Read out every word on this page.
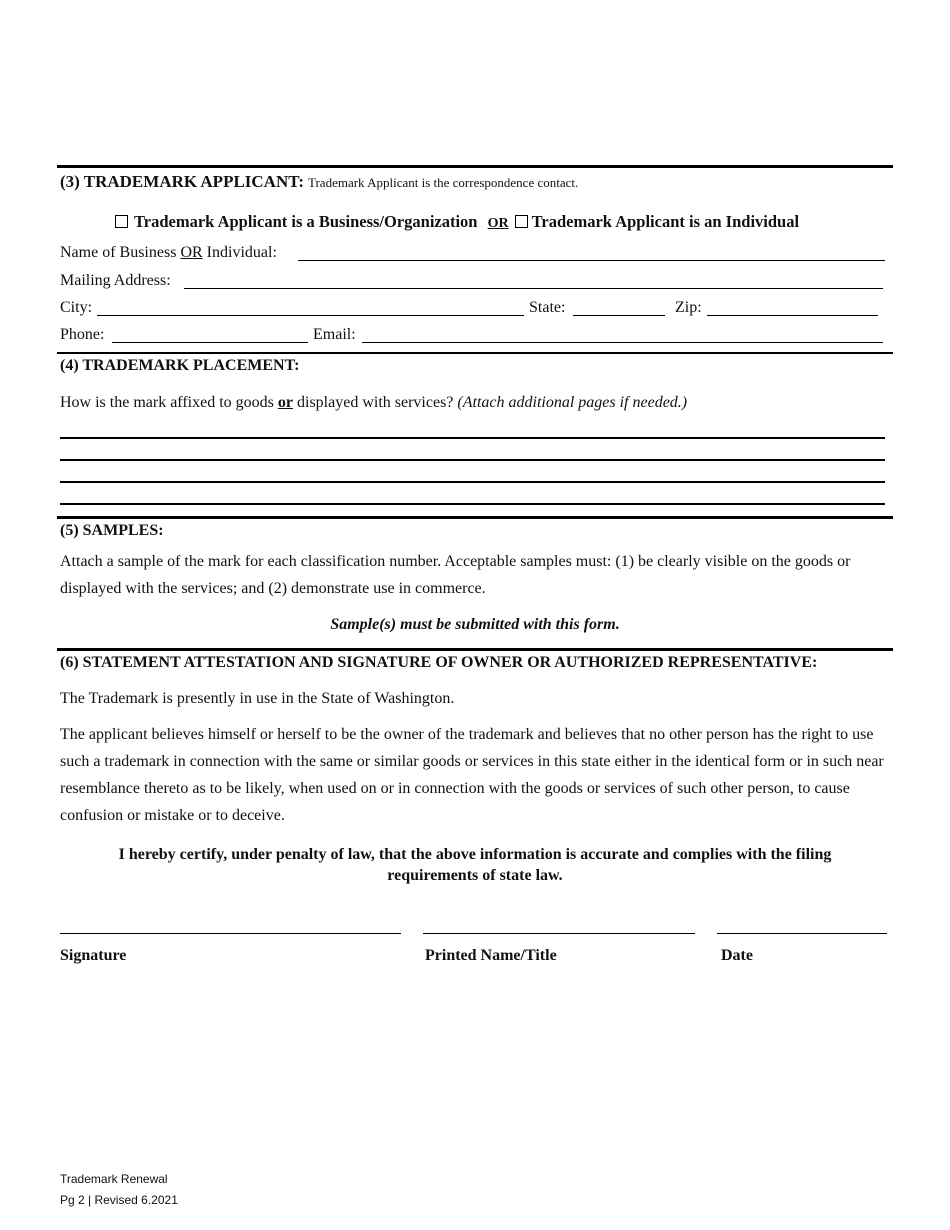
(3) TRADEMARK APPLICANT: Trademark Applicant is the correspondence contact.
Trademark Applicant is a Business/Organization OR Trademark Applicant is an Individual
Name of Business OR Individual:
Mailing Address:
City:	State:	Zip:
Phone:	Email:
(4) TRADEMARK PLACEMENT:
How is the mark affixed to goods or displayed with services? (Attach additional pages if needed.)
(5) SAMPLES:
Attach a sample of the mark for each classification number. Acceptable samples must: (1) be clearly visible on the goods or displayed with the services; and (2) demonstrate use in commerce.
Sample(s) must be submitted with this form.
(6) STATEMENT ATTESTATION AND SIGNATURE OF OWNER OR AUTHORIZED REPRESENTATIVE:
The Trademark is presently in use in the State of Washington.
The applicant believes himself or herself to be the owner of the trademark and believes that no other person has the right to use such a trademark in connection with the same or similar goods or services in this state either in the identical form or in such near resemblance thereto as to be likely, when used on or in connection with the goods or services of such other person, to cause confusion or mistake or to deceive.
I hereby certify, under penalty of law, that the above information is accurate and complies with the filing requirements of state law.
Signature	Printed Name/Title	Date
Trademark Renewal
Pg 2 | Revised 6.2021
